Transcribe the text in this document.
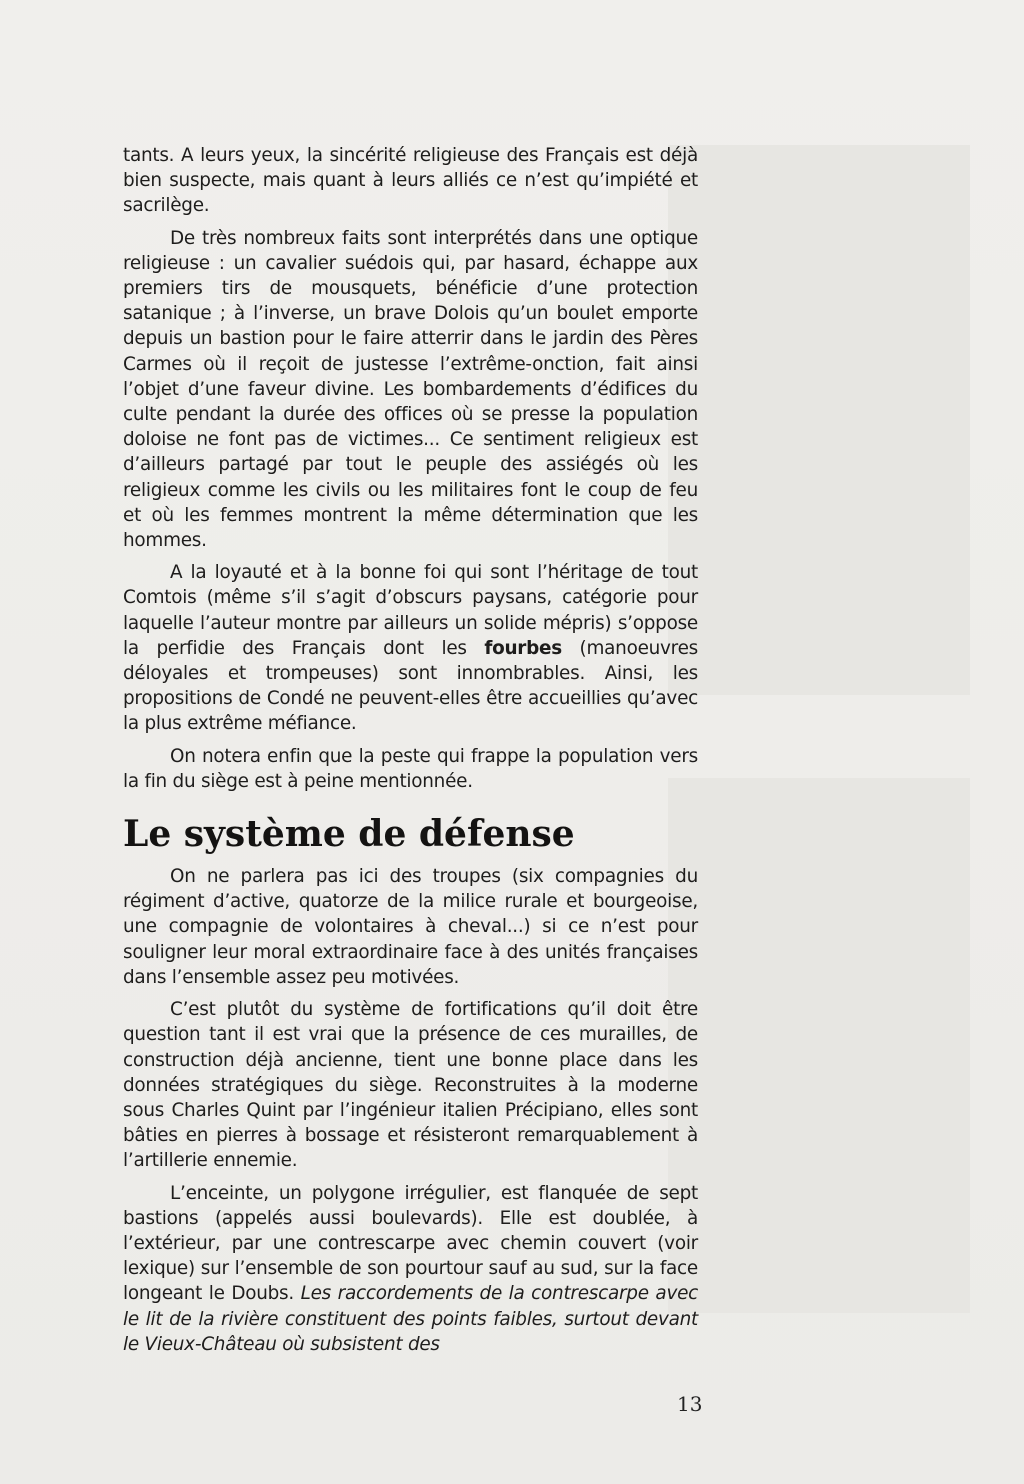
tants. A leurs yeux, la sincérité religieuse des Français est déjà bien suspecte, mais quant à leurs alliés ce n’est qu’impiété et sacrilège.

De très nombreux faits sont interprétés dans une optique religieuse : un cavalier suédois qui, par hasard, échappe aux premiers tirs de mousquets, bénéficie d’une protection satanique ; à l’inverse, un brave Dolois qu’un boulet emporte depuis un bastion pour le faire atterrir dans le jardin des Pères Carmes où il reçoit de justesse l’extrême-onction, fait ainsi l’objet d’une faveur divine. Les bombardements d’édifices du culte pendant la durée des offices où se presse la population doloise ne font pas de victimes... Ce sentiment religieux est d’ailleurs partagé par tout le peuple des assiégés où les religieux comme les civils ou les militaires font le coup de feu et où les femmes montrent la même détermination que les hommes.

A la loyauté et à la bonne foi qui sont l’héritage de tout Comtois (même s’il s’agit d’obscurs paysans, catégorie pour laquelle l’auteur montre par ailleurs un solide mépris) s’oppose la perfidie des Français dont les fourbes (manoeuvres déloyales et trompeuses) sont innombrables. Ainsi, les propositions de Condé ne peuvent-elles être accueillies qu’avec la plus extrême méfiance.

On notera enfin que la peste qui frappe la population vers la fin du siège est à peine mentionnée.

Le système de défense

On ne parlera pas ici des troupes (six compagnies du régiment d’active, quatorze de la milice rurale et bourgeoise, une compagnie de volontaires à cheval...) si ce n’est pour souligner leur moral extraordinaire face à des unités françaises dans l’ensemble assez peu motivées.

C’est plutôt du système de fortifications qu’il doit être question tant il est vrai que la présence de ces murailles, de construction déjà ancienne, tient une bonne place dans les données stratégiques du siège. Reconstruites à la moderne sous Charles Quint par l’ingénieur italien Précipiano, elles sont bâties en pierres à bossage et résisteront remarquablement à l’artillerie ennemie.

L’enceinte, un polygone irrégulier, est flanquée de sept bastions (appelés aussi boulevards). Elle est doublée, à l’extérieur, par une contrescarpe avec chemin couvert (voir lexique) sur l’ensemble de son pourtour sauf au sud, sur la face longeant le Doubs. Les raccordements de la contrescarpe avec le lit de la rivière constituent des points faibles, surtout devant le Vieux-Château où subsistent des

13
